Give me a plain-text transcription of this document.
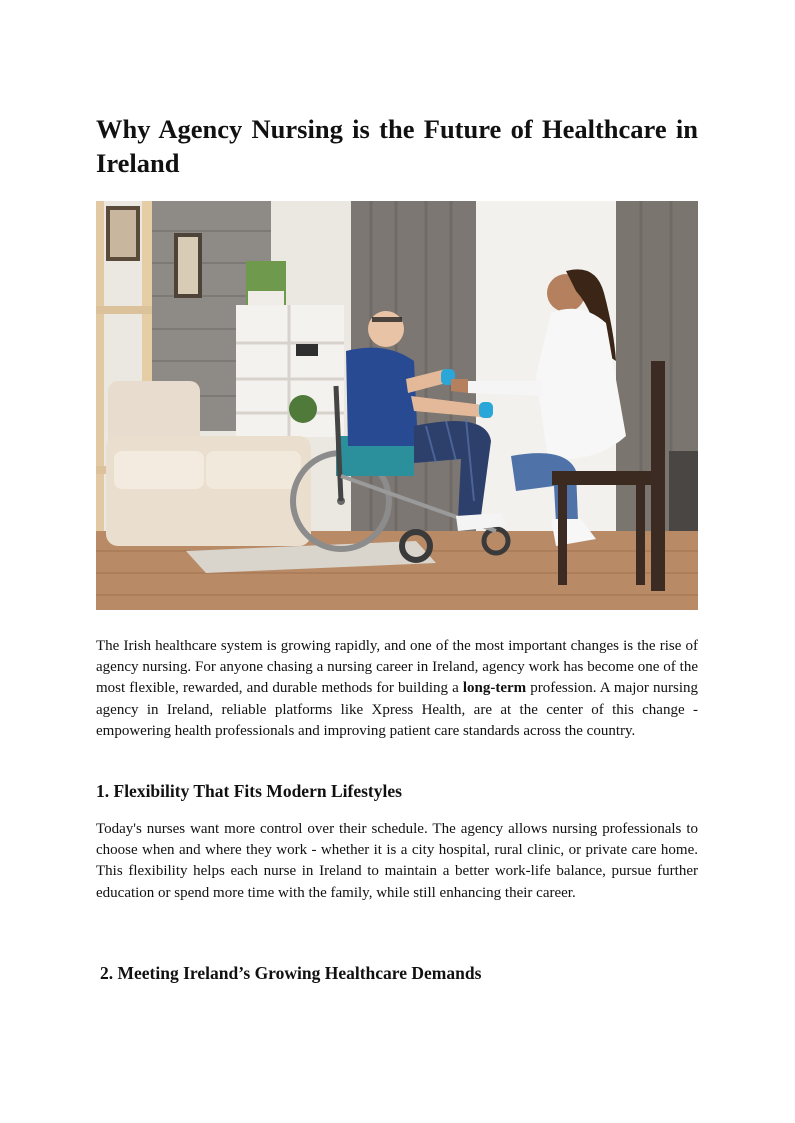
Why Agency Nursing is the Future of Healthcare in Ireland

The Irish healthcare system is growing rapidly, and one of the most important changes is the rise of agency nursing. For anyone chasing a nursing career in Ireland, agency work has become one of the most flexible, rewarded, and durable methods for building a long-term profession. A major nursing agency in Ireland, reliable platforms like Xpress Health, are at the center of this change - empowering health professionals and improving patient care standards across the country.

1. Flexibility That Fits Modern Lifestyles

Today's nurses want more control over their schedule. The agency allows nursing professionals to choose when and where they work - whether it is a city hospital, rural clinic, or private care home. This flexibility helps each nurse in Ireland to maintain a better work-life balance, pursue further education or spend more time with the family, while still enhancing their career.

2. Meeting Ireland’s Growing Healthcare Demands
